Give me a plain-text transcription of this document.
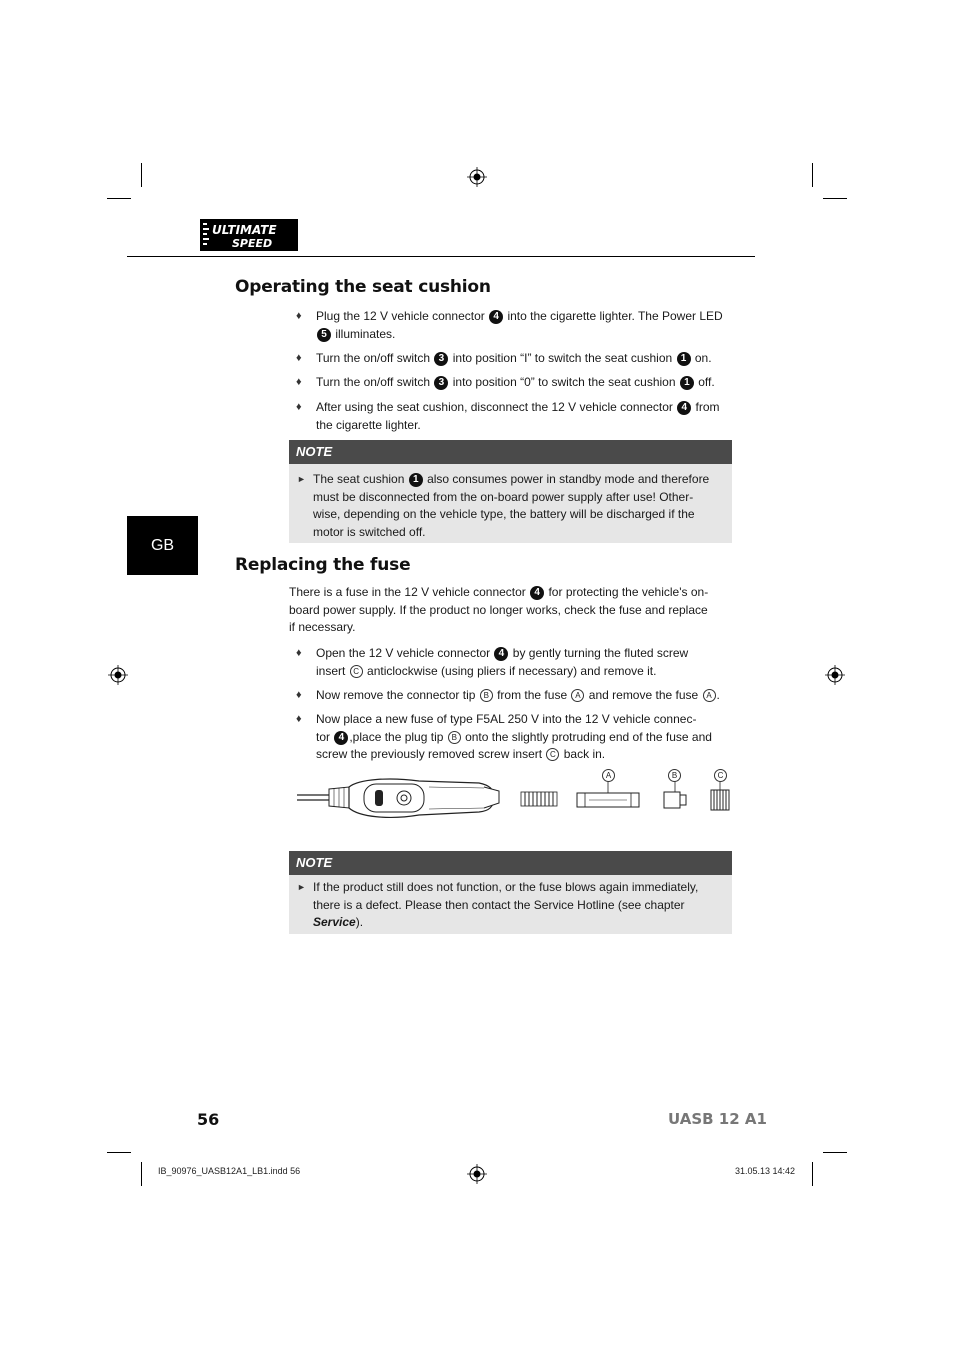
ULTIMATE
SPEED
Operating the seat cushion
♦ Plug the 12 V vehicle connector 4 into the cigarette lighter. The Power LED
5 illuminates.
♦ Turn the on/off switch 3 into position “I” to switch the seat cushion 1 on.
♦ Turn the on/off switch 3 into position “0” to switch the seat cushion 1 off.
♦ After using the seat cushion, disconnect the 12 V vehicle connector 4 from
the cigarette lighter.
NOTE
► The seat cushion 1 also consumes power in standby mode and therefore
must be disconnected from the on-board power supply after use! Other-
wise, depending on the vehicle type, the battery will be discharged if the
motor is switched off.
GB
Replacing the fuse
There is a fuse in the 12 V vehicle connector 4 for protecting the vehicle's on-
board power supply. If the product no longer works, check the fuse and replace
if necessary.
♦ Open the 12 V vehicle connector 4 by gently turning the fluted screw
insert C anticlockwise (using pliers if necessary) and remove it.
♦ Now remove the connector tip B from the fuse A and remove the fuse A .
♦ Now place a new fuse of type F5AL 250 V into the 12 V vehicle connec-
tor 4 ,place the plug tip B onto the slightly protruding end of the fuse and
screw the previously removed screw insert C back in.
A	B	C
NOTE
► If the product still does not function, or the fuse blows again immediately,
there is a defect. Please then contact the Service Hotline (see chapter
Service).
56	UASB 12 A1
IB_90976_UASB12A1_LB1.indd 56	31.05.13 14:42
